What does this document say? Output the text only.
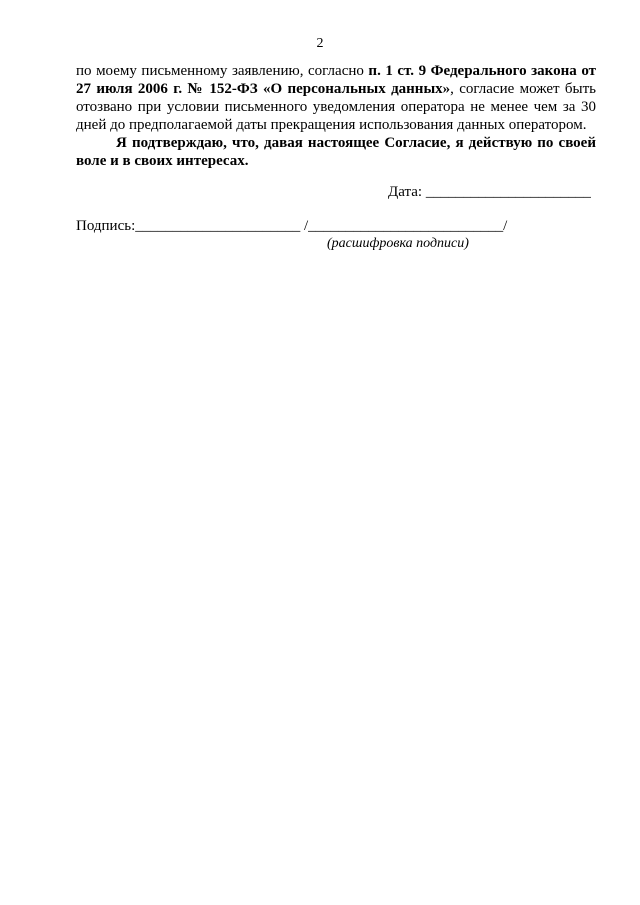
2

по моему письменному заявлению, согласно п. 1 ст. 9 Федерального закона от 27 июля 2006 г. № 152-ФЗ «О персональных данных», согласие может быть отозвано при условии письменного уведомления оператора не менее чем за 30 дней до предполагаемой даты прекращения использования данных оператором.

Я подтверждаю, что, давая настоящее Согласие, я действую по своей воле и в своих интересах.

Дата: ______________________
Подпись:______________________ /__________________________/
(расшифровка подписи)
